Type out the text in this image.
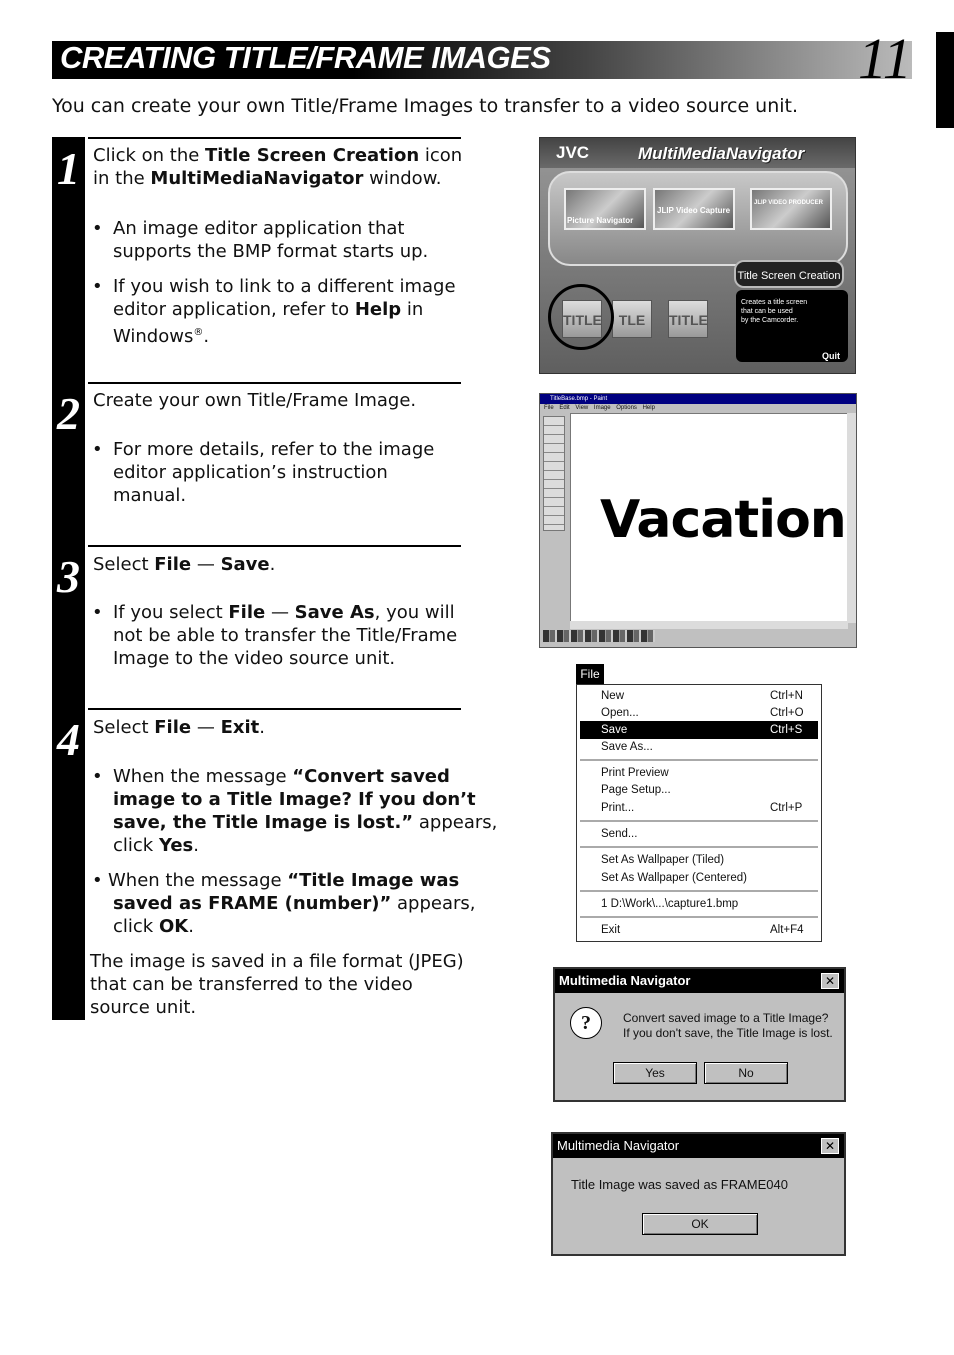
CREATING TITLE/FRAME IMAGES	11
You can create your own Title/Frame Images to transfer to a video source unit.
1 Click on the Title Screen Creation icon
in the MultiMediaNavigator window.
• An image editor application that
supports the BMP format starts up.
• If you wish to link to a different image
editor application, refer to Help in
Windows®.
2 Create your own Title/Frame Image.
• For more details, refer to the image
editor application’s instruction
manual.
3 Select File — Save.
• If you select File — Save As, you will
not be able to transfer the Title/Frame
Image to the video source unit.
4 Select File — Exit.
• When the message “Convert saved
image to a Title Image? If you don’t
save, the Title Image is lost.” appears,
click Yes.
• When the message “Title Image was
saved as FRAME (number)” appears,
click OK.
The image is saved in a file format (JPEG)
that can be transferred to the video
source unit.
JVC	MultiMediaNavigator
Picture Navigator
JLIP Video Capture
JLIP VIDEO PRODUCER
Title Screen Creation
TITLE	TLE	TITLE
Creates a title screen
that can be used
by the Camcorder.
Quit
TitleBase.bmp - Paint
File Edit View Image Options Help
Vacation
File
New	Ctrl+N
Open...	Ctrl+O
Save	Ctrl+S
Save As...
Print Preview
Page Setup...
Print...	Ctrl+P
Send...
Set As Wallpaper (Tiled)
Set As Wallpaper (Centered)
1 D:\Work\...\capture1.bmp
Exit	Alt+F4
Multimedia Navigator	✕
?	Convert saved image to a Title Image?
If you don't save, the Title Image is lost.
Yes	No
Multimedia Navigator	✕
Title Image was saved as FRAME040
OK
